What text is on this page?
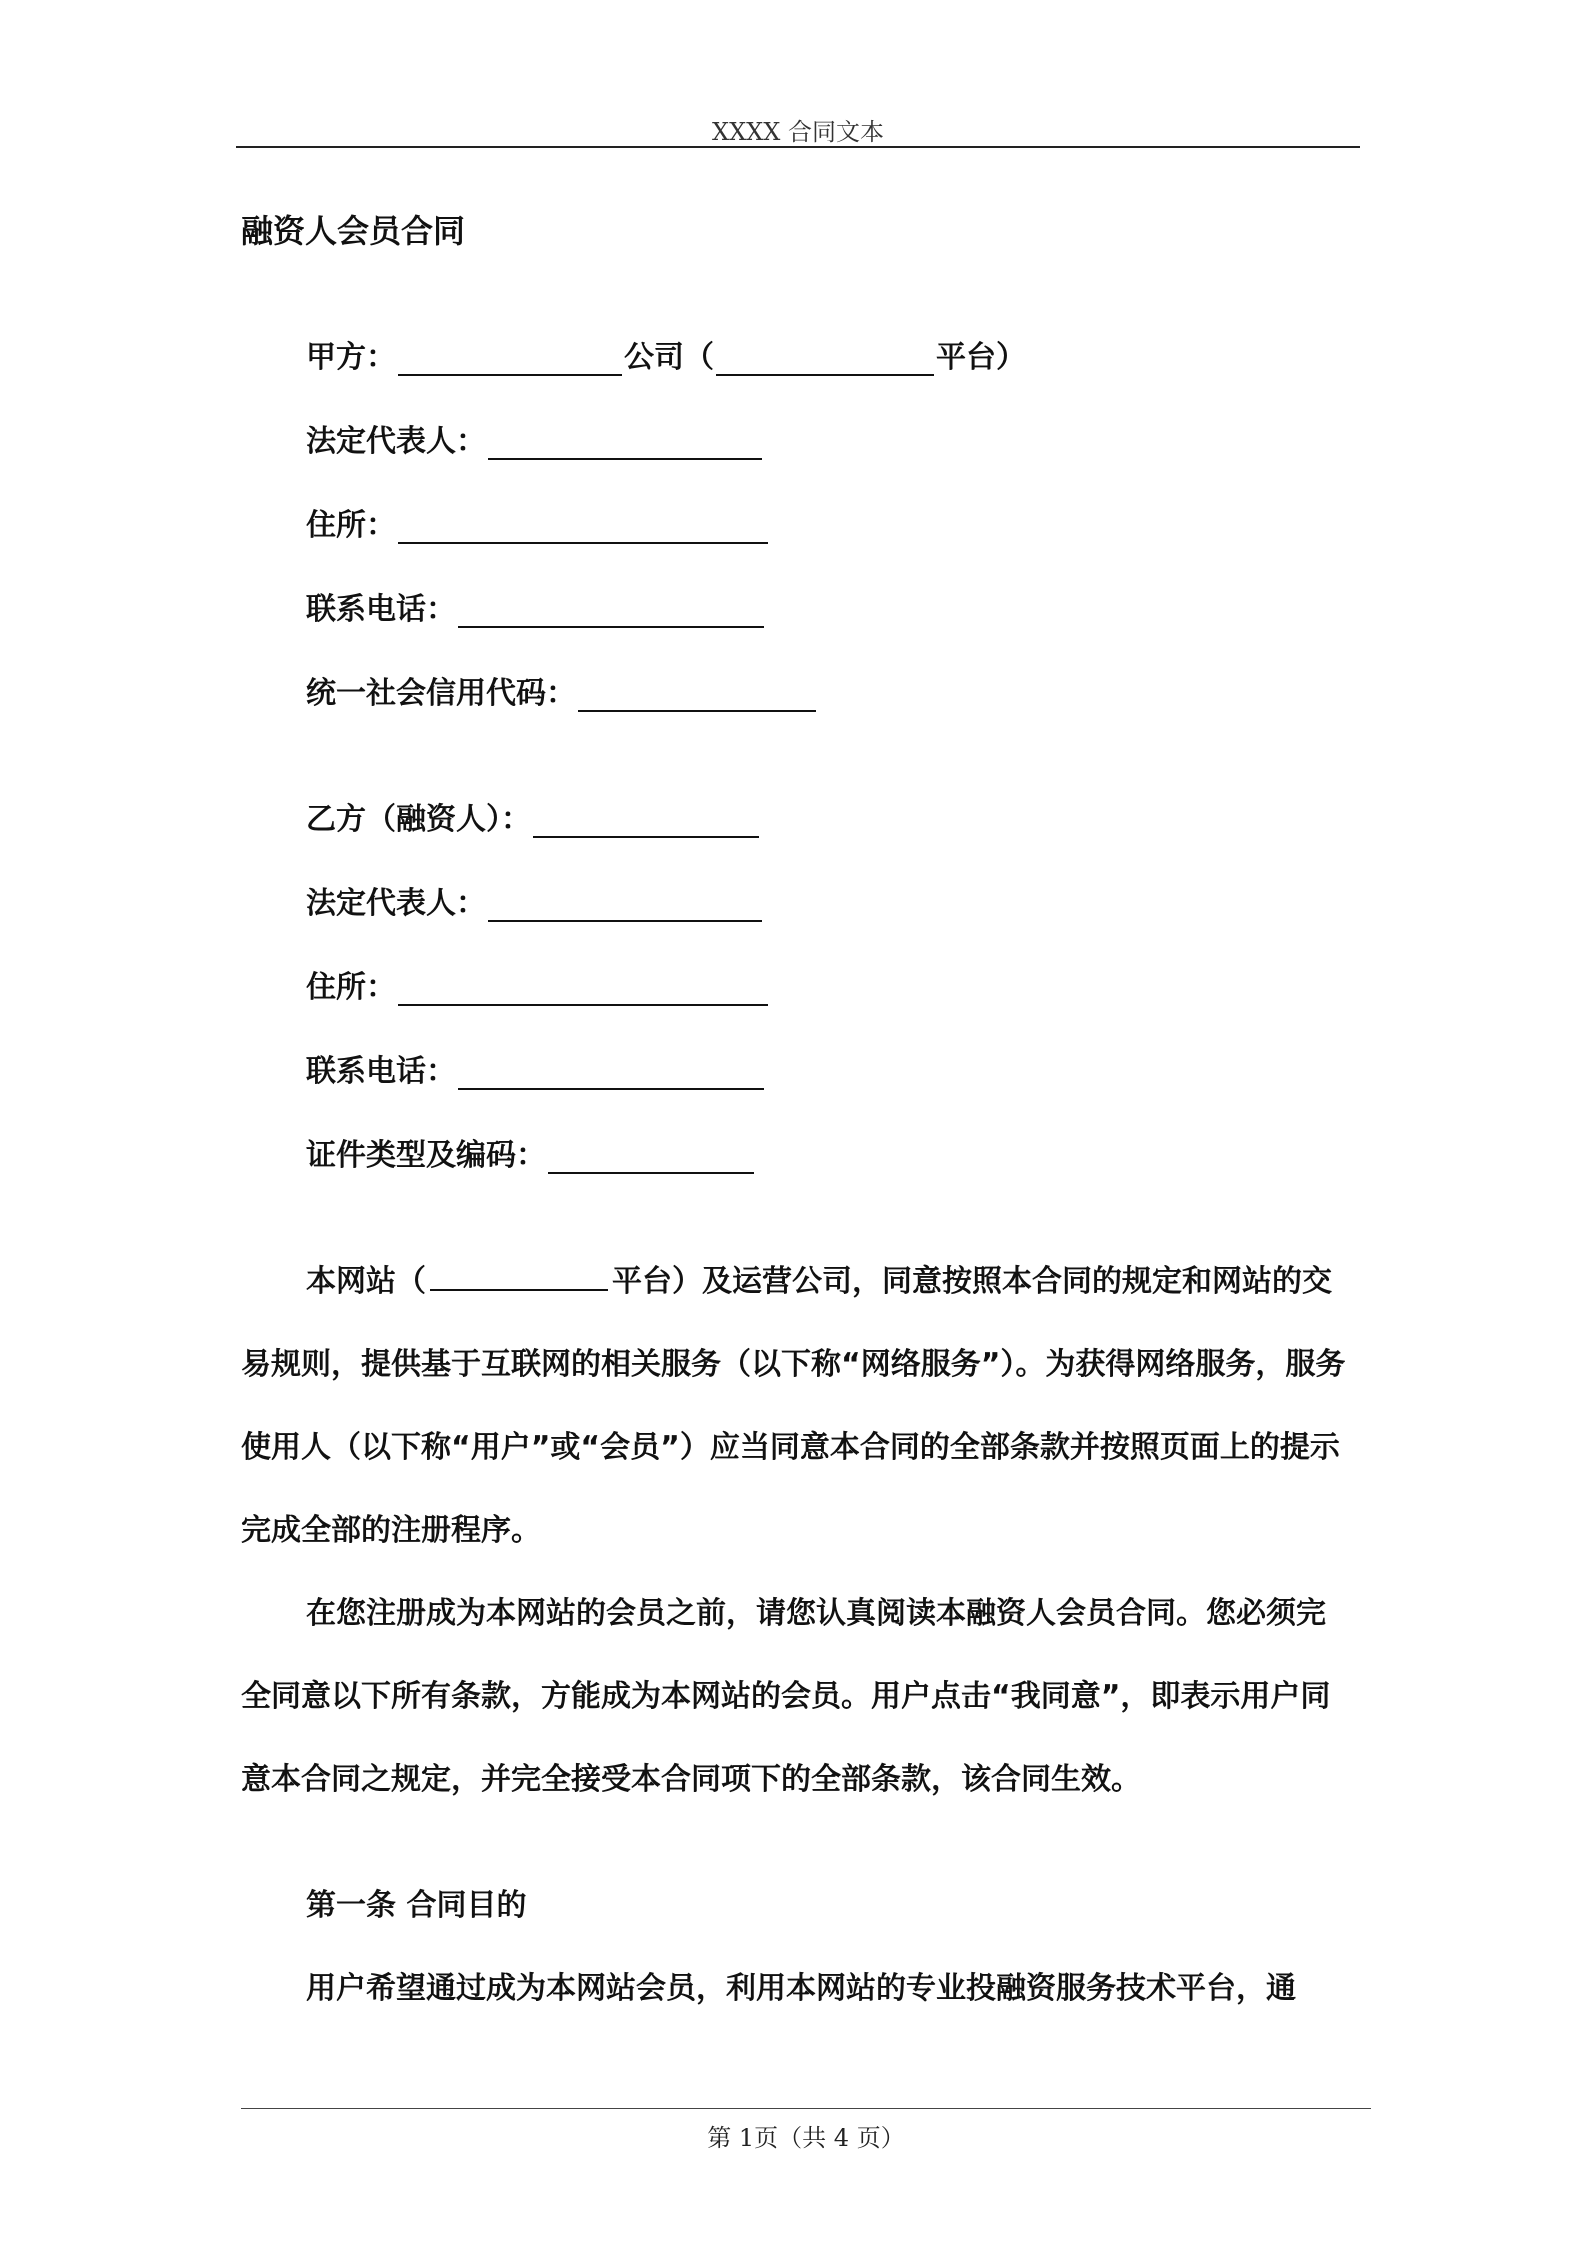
XXXX 合同文本
融资人会员合同
甲方：	公司（	平台）
法定代表人：
住所：
联系电话：
统一社会信用代码：
乙方（融资人）：
法定代表人：
住所：
联系电话：
证件类型及编码：
本网站（	平台）及运营公司，同意按照本合同的规定和网站的交易规则，提供基于互联网的相关服务（以下称“网络服务”）。为获得网络服务，服务使用人（以下称“用户”或“会员”）应当同意本合同的全部条款并按照页面上的提示完成全部的注册程序。
在您注册成为本网站的会员之前，请您认真阅读本融资人会员合同。您必须完全同意以下所有条款，方能成为本网站的会员。用户点击“我同意”，即表示用户同意本合同之规定，并完全接受本合同项下的全部条款，该合同生效。
第一条 合同目的
用户希望通过成为本网站会员，利用本网站的专业投融资服务技术平台，通
第 1页（共 4 页）
